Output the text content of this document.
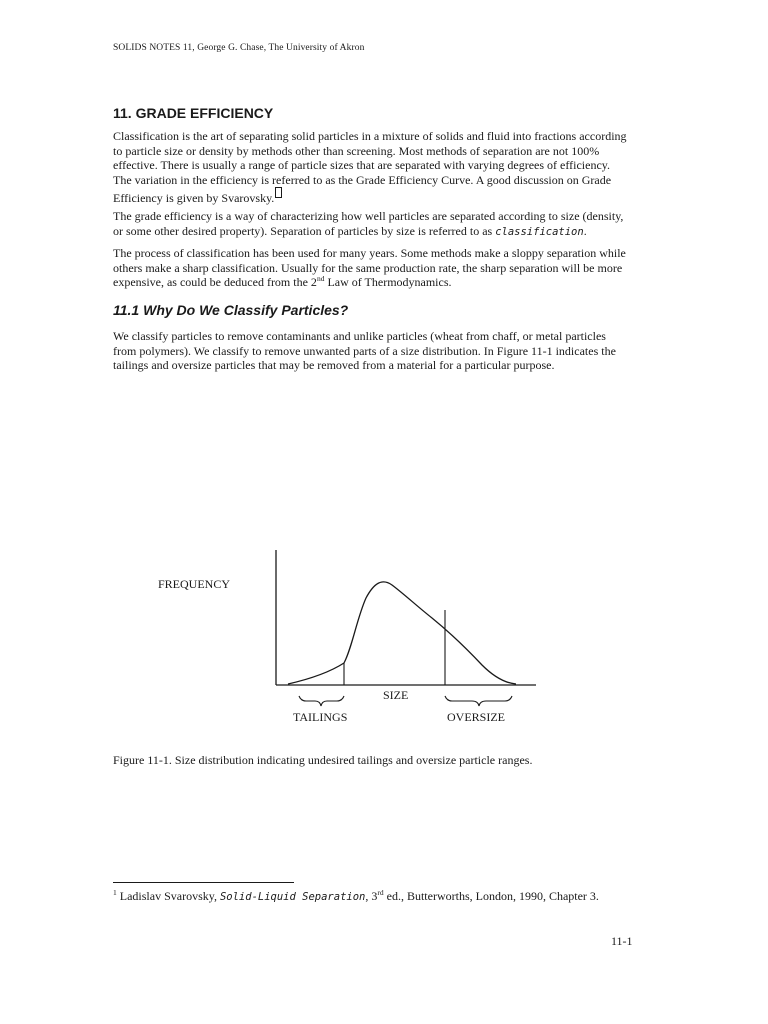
SOLIDS NOTES 11, George G. Chase, The University of Akron
11. GRADE EFFICIENCY
Classification is the art of separating solid particles in a mixture of solids and fluid into fractions according
to particle size or density by methods other than screening. Most methods of separation are not 100%
effective. There is usually a range of particle sizes that are separated with varying degrees of efficiency.
The variation in the efficiency is referred to as the Grade Efficiency Curve. A good discussion on Grade
Efficiency is given by Svarovsky.
The grade efficiency is a way of characterizing how well particles are separated according to size (density,
or some other desired property). Separation of particles by size is referred to as classification.
The process of classification has been used for many years. Some methods make a sloppy separation while
others make a sharp classification. Usually for the same production rate, the sharp separation will be more
expensive, as could be deduced from the 2nd Law of Thermodynamics.
11.1 Why Do We Classify Particles?
We classify particles to remove contaminants and unlike particles (wheat from chaff, or metal particles
from polymers). We classify to remove unwanted parts of a size distribution. In Figure 11-1 indicates the
tailings and oversize particles that may be removed from a material for a particular purpose.
FREQUENCY
SIZE
TAILINGS	OVERSIZE
Figure 11-1. Size distribution indicating undesired tailings and oversize particle ranges.
$^1$ Ladislav Svarovsky, Solid-Liquid Separation, 3rd ed., Butterworths, London, 1990, Chapter 3.
11-1
